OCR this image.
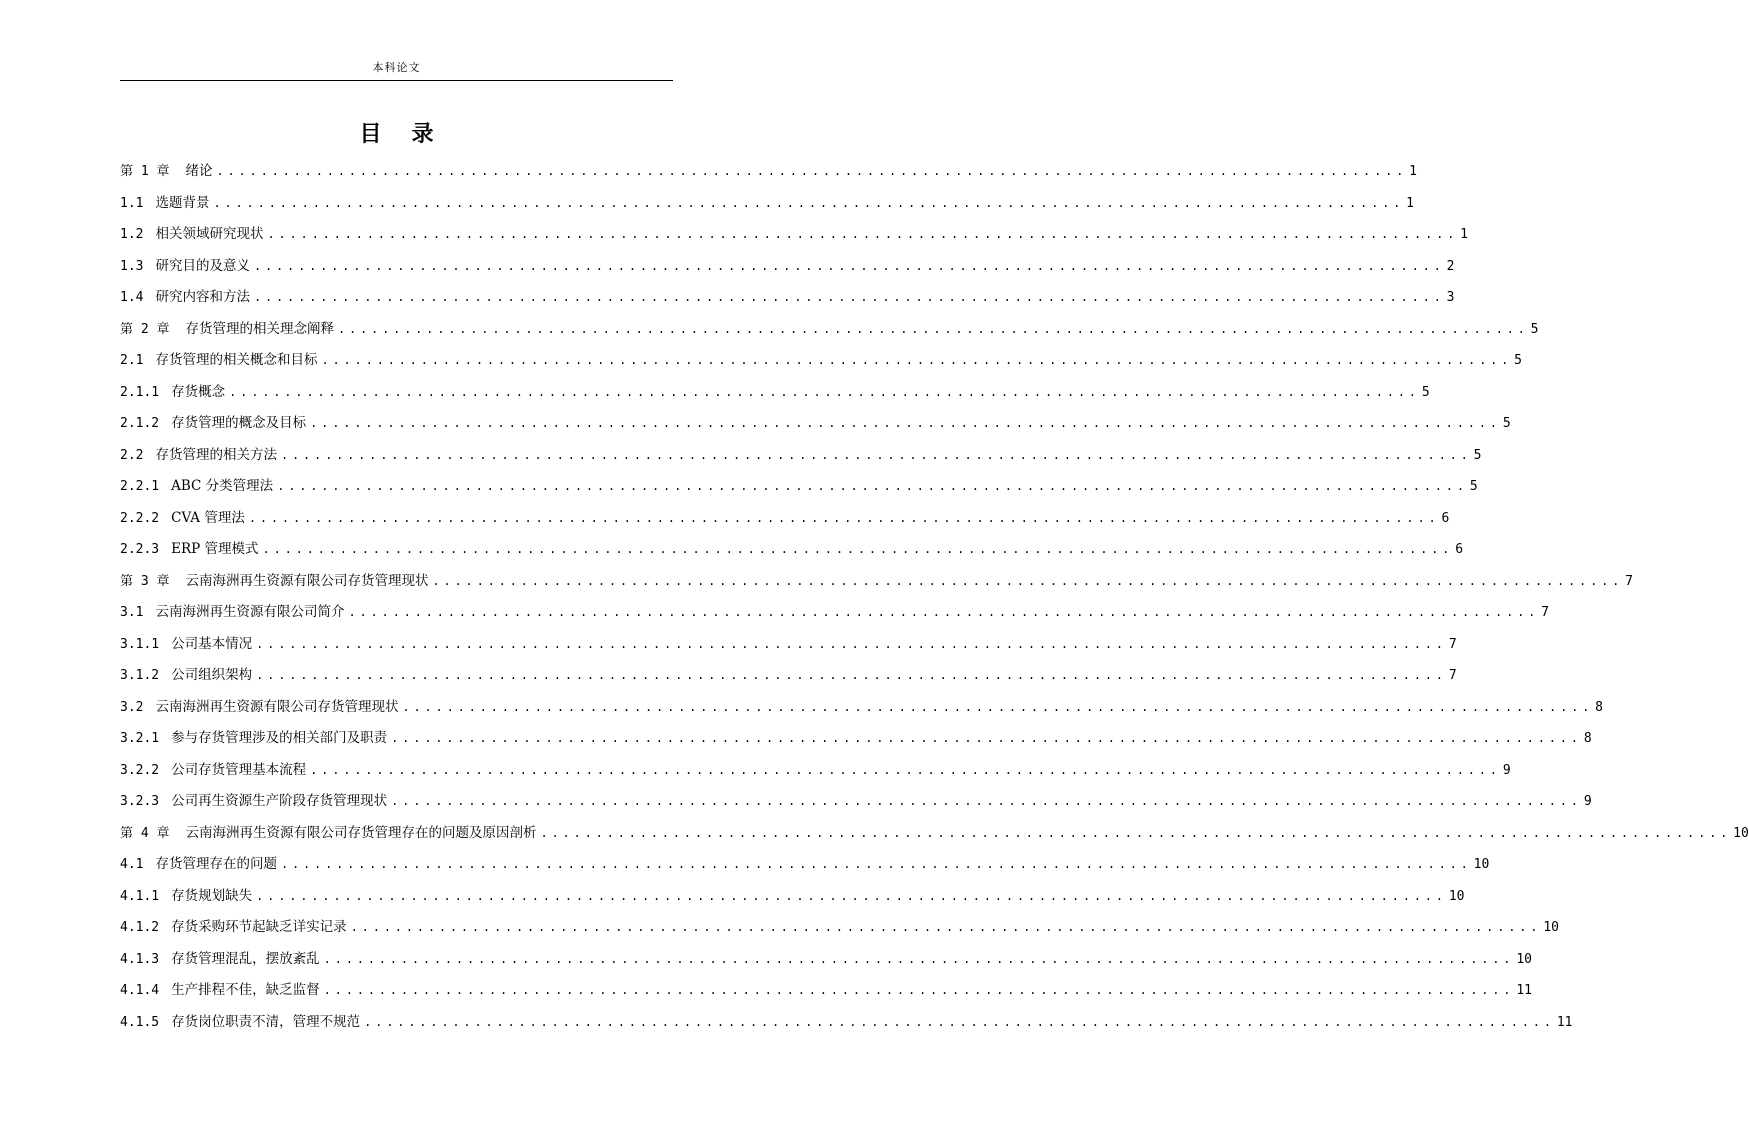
本科论文
目录
第 1 章	绪论 ............................................................................................................ 1
1.1 选题背景 ............................................................................................................ 1
1.2 相关领域研究现状 ............................................................................................................ 1
1.3 研究目的及意义 ............................................................................................................ 2
1.4 研究内容和方法 ............................................................................................................ 3
第 2 章	存货管理的相关理念阐释 ............................................................................................................ 5
2.1 存货管理的相关概念和目标 ............................................................................................................ 5
2.1.1 存货概念 ............................................................................................................ 5
2.1.2 存货管理的概念及目标 ............................................................................................................ 5
2.2 存货管理的相关方法 ............................................................................................................ 5
2.2.1 ABC 分类管理法 ............................................................................................................ 5
2.2.2 CVA 管理法 ............................................................................................................ 6
2.2.3 ERP 管理模式 ............................................................................................................ 6
第 3 章	云南海洲再生资源有限公司存货管理现状 ............................................................................................................ 7
3.1 云南海洲再生资源有限公司简介 ............................................................................................................ 7
3.1.1 公司基本情况 ............................................................................................................ 7
3.1.2 公司组织架构 ............................................................................................................ 7
3.2 云南海洲再生资源有限公司存货管理现状 ............................................................................................................ 8
3.2.1 参与存货管理涉及的相关部门及职责 ............................................................................................................ 8
3.2.2 公司存货管理基本流程 ............................................................................................................ 9
3.2.3 公司再生资源生产阶段存货管理现状 ............................................................................................................ 9
第 4 章	云南海洲再生资源有限公司存货管理存在的问题及原因剖析 ............................................................................................................ 10
4.1 存货管理存在的问题 ............................................................................................................ 10
4.1.1 存货规划缺失 ............................................................................................................ 10
4.1.2 存货采购环节起缺乏详实记录 ............................................................................................................ 10
4.1.3 存货管理混乱，摆放紊乱 ............................................................................................................ 10
4.1.4 生产排程不佳，缺乏监督 ............................................................................................................ 11
4.1.5 存货岗位职责不清，管理不规范 ............................................................................................................ 11
